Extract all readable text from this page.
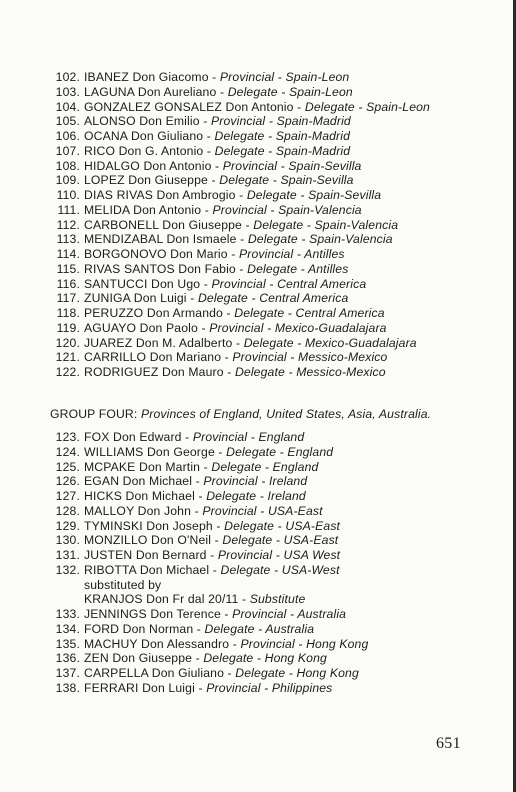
102. IBANEZ Don Giacomo - Provincial - Spain-Leon
103. LAGUNA Don Aureliano - Delegate - Spain-Leon
104. GONZALEZ GONSALEZ Don Antonio - Delegate - Spain-Leon
105. ALONSO Don Emilio - Provincial - Spain-Madrid
106. OCANA Don Giuliano - Delegate - Spain-Madrid
107. RICO Don G. Antonio - Delegate - Spain-Madrid
108. HIDALGO Don Antonio - Provincial - Spain-Sevilla
109. LOPEZ Don Giuseppe - Delegate - Spain-Sevilla
110. DIAS RIVAS Don Ambrogio - Delegate - Spain-Sevilla
111. MELIDA Don Antonio - Provincial - Spain-Valencia
112. CARBONELL Don Giuseppe - Delegate - Spain-Valencia
113. MENDIZABAL Don Ismaele - Delegate - Spain-Valencia
114. BORGONOVO Don Mario - Provincial - Antilles
115. RIVAS SANTOS Don Fabio - Delegate - Antilles
116. SANTUCCI Don Ugo - Provincial - Central America
117. ZUNIGA Don Luigi - Delegate - Central America
118. PERUZZO Don Armando - Delegate - Central America
119. AGUAYO Don Paolo - Provincial - Mexico-Guadalajara
120. JUAREZ Don M. Adalberto - Delegate - Mexico-Guadalajara
121. CARRILLO Don Mariano - Provincial - Messico-Mexico
122. RODRIGUEZ Don Mauro - Delegate - Messico-Mexico
GROUP FOUR: Provinces of England, United States, Asia, Australia.
123. FOX Don Edward - Provincial - England
124. WILLIAMS Don George - Delegate - England
125. MCPAKE Don Martin - Delegate - England
126. EGAN Don Michael - Provincial - Ireland
127. HICKS Don Michael - Delegate - Ireland
128. MALLOY Don John - Provincial - USA-East
129. TYMINSKI Don Joseph - Delegate - USA-East
130. MONZILLO Don O'Neil - Delegate - USA-East
131. JUSTEN Don Bernard - Provincial - USA West
132. RIBOTTA Don Michael - Delegate - USA-West
substituted by
KRANJOS Don Fr dal 20/11 - Substitute
133. JENNINGS Don Terence - Provincial - Australia
134. FORD Don Norman - Delegate - Australia
135. MACHUY Don Alessandro - Provincial - Hong Kong
136. ZEN Don Giuseppe - Delegate - Hong Kong
137. CARPELLA Don Giuliano - Delegate - Hong Kong
138. FERRARI Don Luigi - Provincial - Philippines
651
